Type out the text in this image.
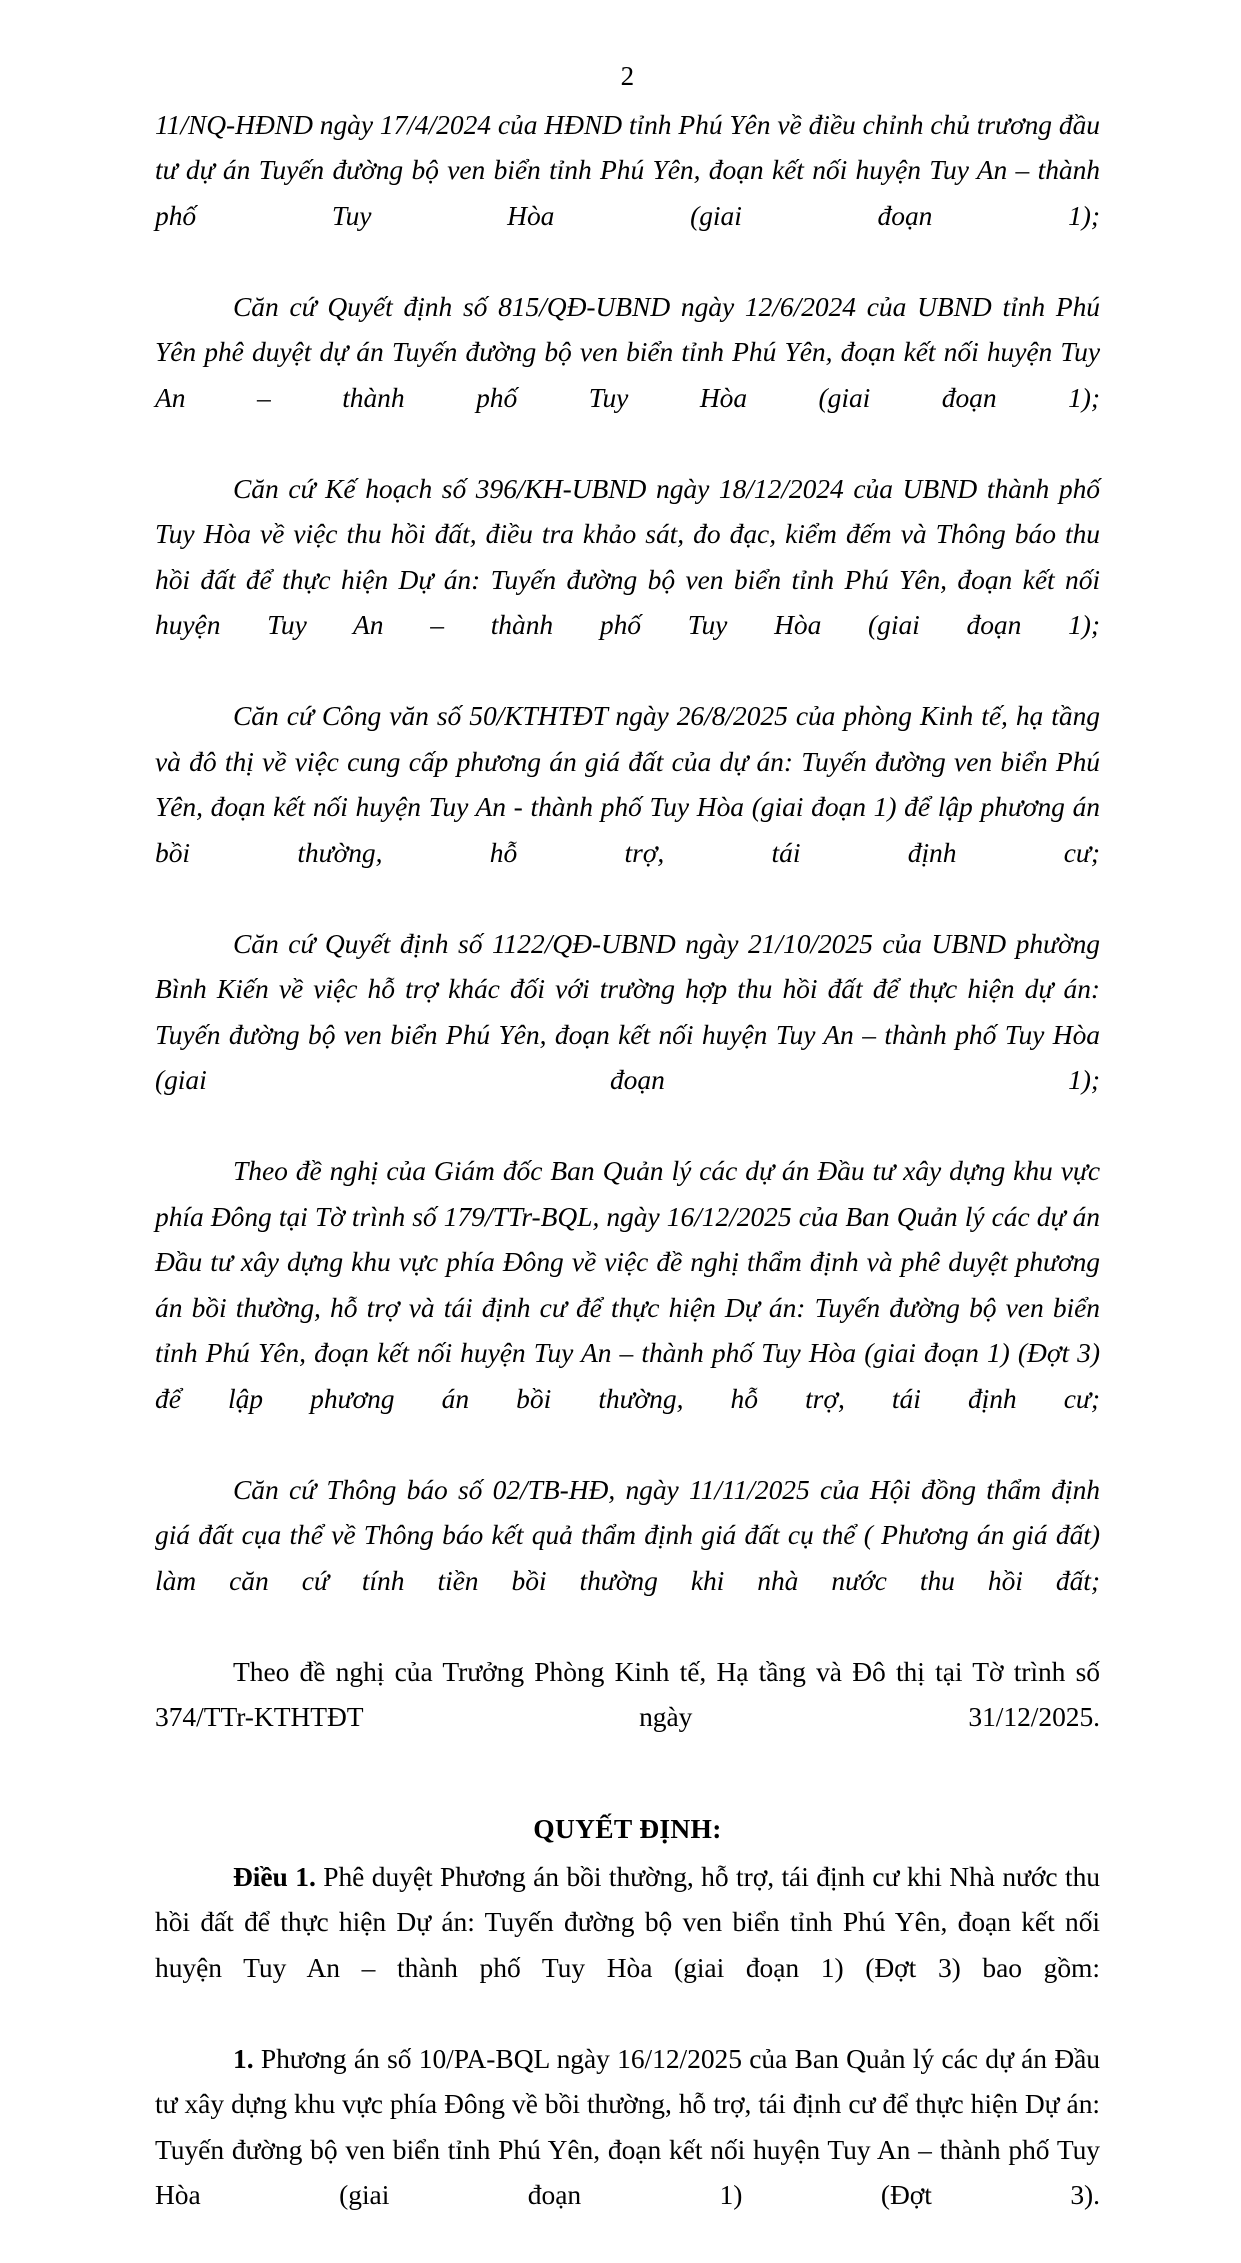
2

11/NQ-HĐND ngày 17/4/2024 của HĐND tỉnh Phú Yên về điều chỉnh chủ trương đầu tư dự án Tuyến đường bộ ven biển tỉnh Phú Yên, đoạn kết nối huyện Tuy An – thành phố Tuy Hòa (giai đoạn 1);

Căn cứ Quyết định số 815/QĐ-UBND ngày 12/6/2024 của UBND tỉnh Phú Yên phê duyệt dự án Tuyến đường bộ ven biển tỉnh Phú Yên, đoạn kết nối huyện Tuy An – thành phố Tuy Hòa (giai đoạn 1);

Căn cứ Kế hoạch số 396/KH-UBND ngày 18/12/2024 của UBND thành phố Tuy Hòa về việc thu hồi đất, điều tra khảo sát, đo đạc, kiểm đếm và Thông báo thu hồi đất để thực hiện Dự án: Tuyến đường bộ ven biển tỉnh Phú Yên, đoạn kết nối huyện Tuy An – thành phố Tuy Hòa (giai đoạn 1);

Căn cứ Công văn số 50/KTHTĐT ngày 26/8/2025 của phòng Kinh tế, hạ tầng và đô thị về việc cung cấp phương án giá đất của dự án: Tuyến đường ven biển Phú Yên, đoạn kết nối huyện Tuy An - thành phố Tuy Hòa (giai đoạn 1) để lập phương án bồi thường, hỗ trợ, tái định cư;

Căn cứ Quyết định số 1122/QĐ-UBND ngày 21/10/2025 của UBND phường Bình Kiến về việc hỗ trợ khác đối với trường hợp thu hồi đất để thực hiện dự án: Tuyến đường bộ ven biển Phú Yên, đoạn kết nối huyện Tuy An – thành phố Tuy Hòa (giai đoạn 1);

Theo đề nghị của Giám đốc Ban Quản lý các dự án Đầu tư xây dựng khu vực phía Đông tại Tờ trình số 179/TTr-BQL, ngày 16/12/2025 của Ban Quản lý các dự án Đầu tư xây dựng khu vực phía Đông về việc đề nghị thẩm định và phê duyệt phương án bồi thường, hỗ trợ và tái định cư để thực hiện Dự án: Tuyến đường bộ ven biển tỉnh Phú Yên, đoạn kết nối huyện Tuy An – thành phố Tuy Hòa (giai đoạn 1) (Đợt 3) để lập phương án bồi thường, hỗ trợ, tái định cư;

Căn cứ Thông báo số 02/TB-HĐ, ngày 11/11/2025 của Hội đồng thẩm định giá đất cụa thể về Thông báo kết quả thẩm định giá đất cụ thể ( Phương án giá đất) làm căn cứ tính tiền bồi thường khi nhà nước thu hồi đất;

Theo đề nghị của Trưởng Phòng Kinh tế, Hạ tầng và Đô thị tại Tờ trình số 374/TTr-KTHTĐT ngày 31/12/2025.

QUYẾT ĐỊNH:

Điều 1. Phê duyệt Phương án bồi thường, hỗ trợ, tái định cư khi Nhà nước thu hồi đất để thực hiện Dự án: Tuyến đường bộ ven biển tỉnh Phú Yên, đoạn kết nối huyện Tuy An – thành phố Tuy Hòa (giai đoạn 1) (Đợt 3) bao gồm:

1. Phương án số 10/PA-BQL ngày 16/12/2025 của Ban Quản lý các dự án Đầu tư xây dựng khu vực phía Đông về bồi thường, hỗ trợ, tái định cư để thực hiện Dự án: Tuyến đường bộ ven biển tỉnh Phú Yên, đoạn kết nối huyện Tuy An – thành phố Tuy Hòa (giai đoạn 1) (Đợt 3).
